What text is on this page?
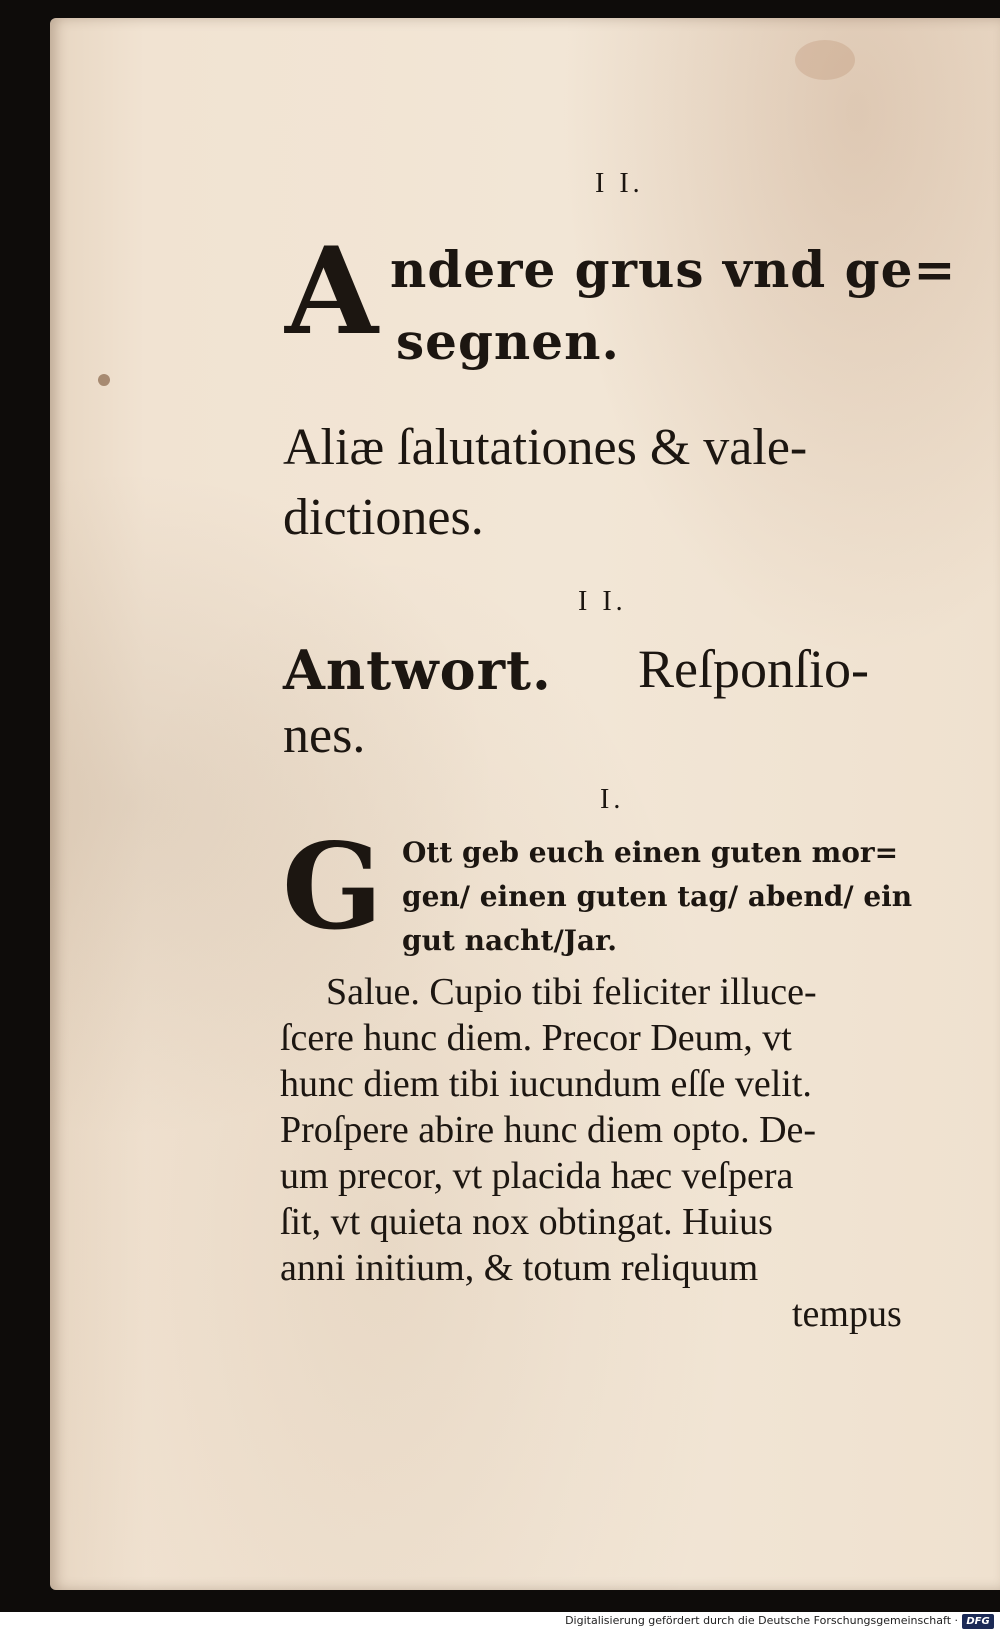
I I.

A ndere grus vnd ge=

segnen.

Aliæ ſalutationes & vale-

dictiones.

I I.

Antwort. Reſponſio-

nes.

I.

G Ott geb euch einen guten mor=

gen/ einen guten tag/ abend/ ein

gut nacht/Jar.

Salue. Cupio tibi feliciter illuce-

ſcere hunc diem. Precor Deum, vt

hunc diem tibi iucundum eſſe velit.

Proſpere abire hunc diem opto. De-

um precor, vt placida hæc veſpera

ſit, vt quieta nox obtingat. Huius

anni initium, & totum reliquum

tempus

Digitalisierung gefördert durch die Deutsche Forschungsgemeinschaft · DFG
